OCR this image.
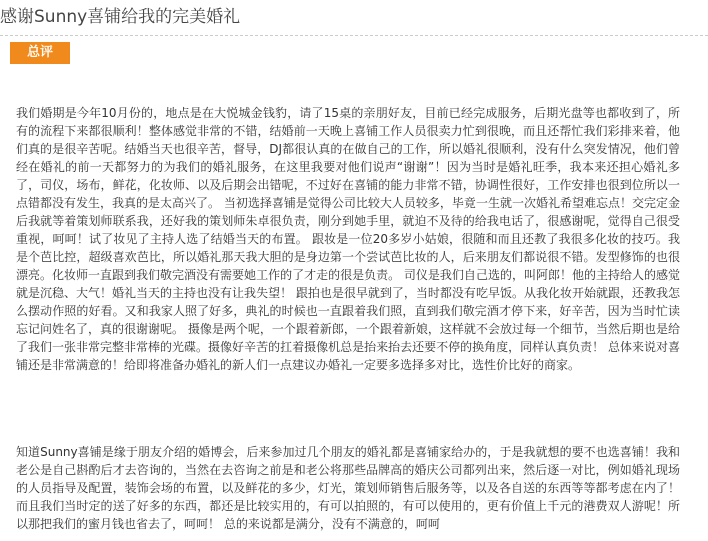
感谢Sunny喜铺给我的完美婚礼
总评

我们婚期是今年10月份的，地点是在大悦城金钱豹，请了15桌的亲朋好友，目前已经完成服务，后期光盘等也都收到了，所有的流程下来都很顺利！整体感觉非常的不错，结婚前一天晚上喜铺工作人员很卖力忙到很晚，而且还帮忙我们彩排来着，他们真的是很辛苦呢。结婚当天也很辛苦，督导，DJ都很认真的在做自己的工作，所以婚礼很顺利，没有什么突发情况，他们曾经在婚礼的前一天都努力的为我们的婚礼服务，在这里我要对他们说声“谢谢”！因为当时是婚礼旺季，我本来还担心婚礼多了，司仪，场布，鲜花，化妆师、以及后期会出错呢，不过好在喜铺的能力非常不错，协调性很好，工作安排也很到位所以一点错都没有发生，我真的是太高兴了。 当初选择喜铺是觉得公司比较大人员较多，毕竟一生就一次婚礼希望难忘点！交完定金后我就等着策划师联系我，还好我的策划师朱卓很负责，刚分到她手里，就迫不及待的给我电话了，很感谢呢，觉得自己很受重视，呵呵！试了妆见了主持人选了结婚当天的布置。 跟妆是一位20多岁小姑娘，很随和而且还教了我很多化妆的技巧。我是个芭比控，超级喜欢芭比，所以婚礼那天我大胆的是身边第一个尝试芭比妆的人，后来朋友们都说很不错。发型修饰的也很漂亮。化妆师一直跟到我们敬完酒没有需要她工作的了才走的很是负责。 司仪是我们自己选的，叫阿郎！他的主持给人的感觉就是沉稳、大气！婚礼当天的主持也没有让我失望！ 跟拍也是很早就到了，当时都没有吃早饭。从我化妆开始就跟，还教我怎么摆动作照的好看。又和我家人照了好多，典礼的时候也一直跟着我们照，直到我们敬完酒才停下来，好辛苦，因为当时忙读忘记问姓名了，真的很谢谢呢。 摄像是两个呢，一个跟着新郎，一个跟着新娘，这样就不会放过每一个细节，当然后期也是给了我们一张非常完整非常棒的光碟。摄像好辛苦的扛着摄像机总是抬来抬去还要不停的换角度，同样认真负责！ 总体来说对喜铺还是非常满意的！给即将准备办婚礼的新人们一点建议办婚礼一定要多选择多对比，选性价比好的商家。

知道Sunny喜铺是缘于朋友介绍的婚博会，后来参加过几个朋友的婚礼都是喜铺家给办的，于是我就想的要不也选喜铺！我和老公是自己斟酌后才去咨询的，当然在去咨询之前是和老公将那些品牌高的婚庆公司都列出来，然后逐一对比，例如婚礼现场的人员指导及配置，装饰会场的布置，以及鲜花的多少，灯光，策划师销售后服务等，以及各自送的东西等等都考虑在内了！而且我们当时定的送了好多的东西，都还是比较实用的，有可以拍照的，有可以使用的，更有价值上千元的港费双人游呢！所以那把我们的蜜月钱也省去了，呵呵！ 总的来说都是满分，没有不满意的，呵呵
